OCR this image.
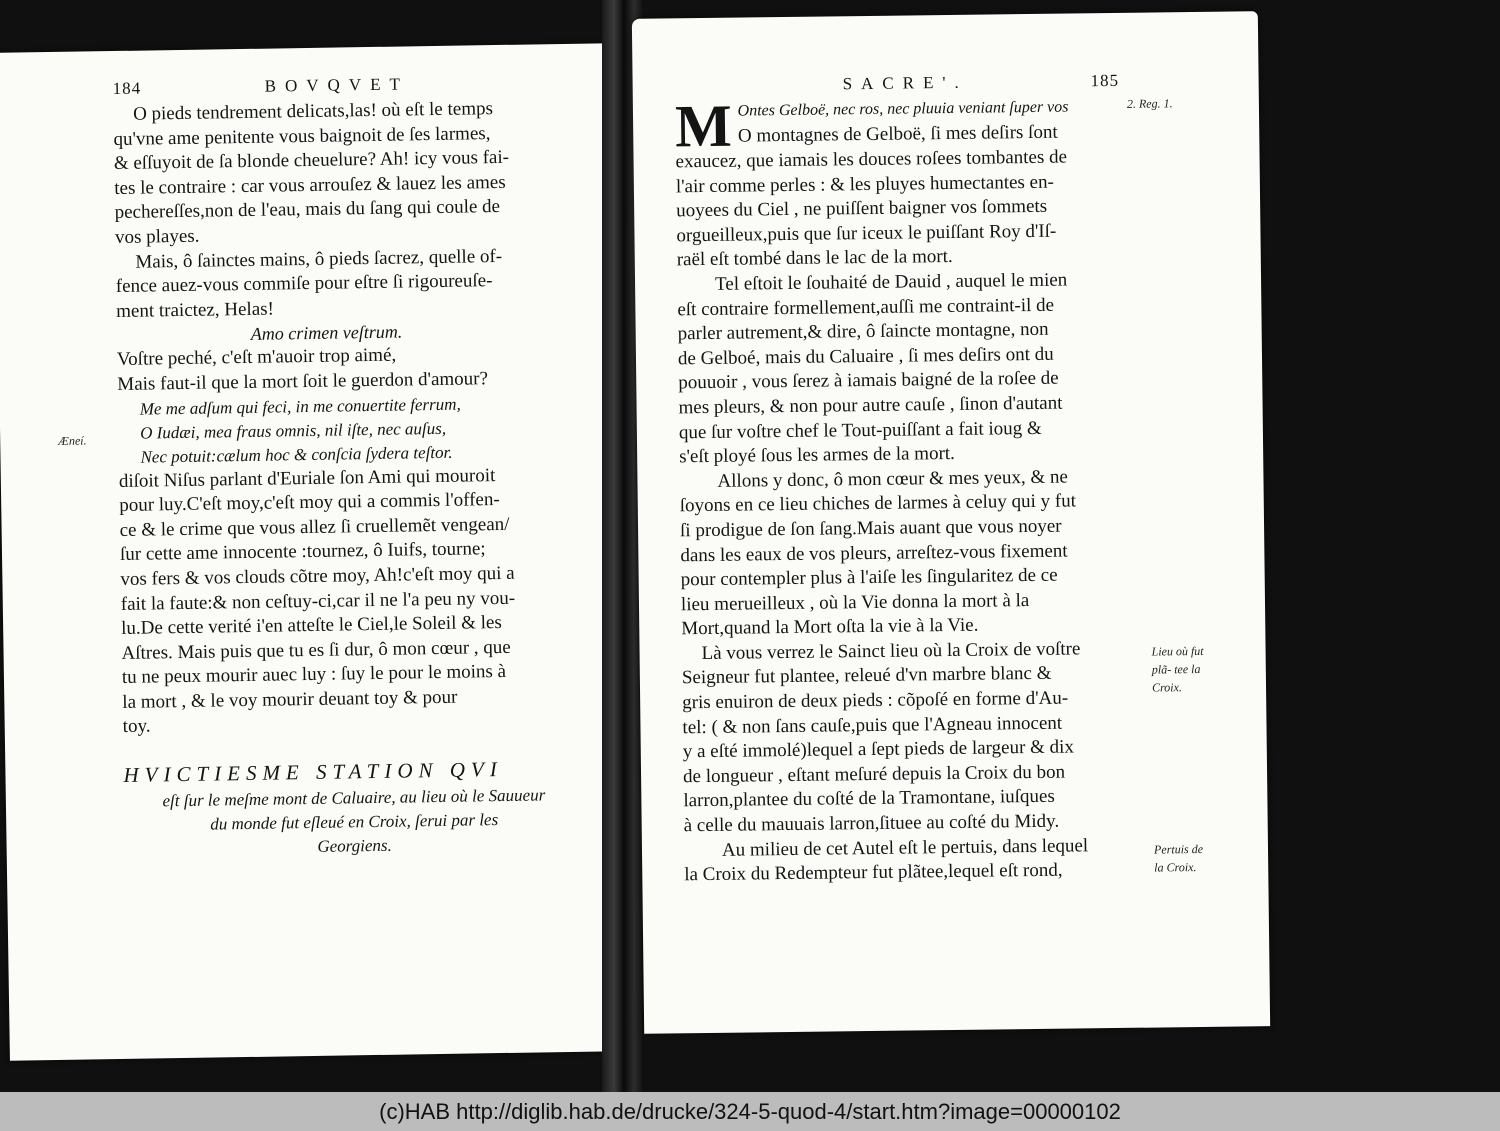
184	BOVQVET
O pieds tendrement delicats,las! où eſt le temps
qu'vne ame penitente vous baignoit de ſes larmes,
& eſſuyoit de ſa blonde cheuelure? Ah! icy vous fai-
tes le contraire : car vous arrouſez & lauez les ames
pechereſſes,non de l'eau, mais du ſang qui coule de
vos playes.
Mais, ô ſainctes mains, ô pieds ſacrez, quelle of-
fence auez-vous commiſe pour eſtre ſi rigoureuſe-
ment traictez, Helas!
Amo crimen veſtrum.
Voſtre peché, c'eſt m'auoir trop aimé,
Mais faut-il que la mort ſoit le guerdon d'amour?
Me me adſum qui feci, in me conuertite ferrum,
O Iudæi, mea fraus omnis, nil iſte, nec auſus,
Nec potuit:cælum hoc & conſcia ſydera teſtor.
diſoit Niſus parlant d'Euriale ſon Ami qui mouroit
pour luy.C'eſt moy,c'eſt moy qui a commis l'offen-
ce & le crime que vous allez ſi cruellemẽt vengean/
ſur cette ame innocente :tournez, ô Iuifs, tourne;
vos fers & vos clouds cõtre moy, Ah!c'eſt moy qui a
fait la faute:& non ceſtuy-ci,car il ne l'a peu ny vou-
lu.De cette verité i'en atteſte le Ciel,le Soleil & les
Aſtres. Mais puis que tu es ſi dur, ô mon cœur , que
tu ne peux mourir auec luy : ſuy le pour le moins à
la mort , & le voy mourir deuant toy & pour
toy.
HVICTIESME STATION QVI
eſt ſur le meſme mont de Caluaire, au lieu où le Sauueur
du monde fut eſleué en Croix, ſerui par les
Georgiens.
Æneí.
SACRE'.	185
M Ontes Gelboë, nec ros, nec pluuia veniant ſuper vos
O montagnes de Gelboë, ſi mes deſirs ſont
exaucez, que iamais les douces roſees tombantes de
l'air comme perles : & les pluyes humectantes en-
uoyees du Ciel , ne puiſſent baigner vos ſommets
orgueilleux,puis que ſur iceux le puiſſant Roy d'Iſ-
raël eſt tombé dans le lac de la mort.
Tel eſtoit le ſouhaité de Dauid , auquel le mien
eſt contraire formellement,auſſi me contraint-il de
parler autrement,& dire, ô ſaincte montagne, non
de Gelboé, mais du Caluaire , ſi mes deſirs ont du
pouuoir , vous ſerez à iamais baigné de la roſee de
mes pleurs, & non pour autre cauſe , ſinon d'autant
que ſur voſtre chef le Tout-puiſſant a fait ioug &
s'eſt ployé ſous les armes de la mort.
Allons y donc, ô mon cœur & mes yeux, & ne
ſoyons en ce lieu chiches de larmes à celuy qui y fut
ſi prodigue de ſon ſang.Mais auant que vous noyer
dans les eaux de vos pleurs, arreſtez-vous fixement
pour contempler plus à l'aiſe les ſingularitez de ce
lieu merueilleux , où la Vie donna la mort à la
Mort,quand la Mort oſta la vie à la Vie.
Là vous verrez le Sainct lieu où la Croix de voſtre
Seigneur fut plantee, releué d'vn marbre blanc &
gris enuiron de deux pieds : cõpoſé en forme d'Au-
tel: ( & non ſans cauſe,puis que l'Agneau innocent
y a eſté immolé)lequel a ſept pieds de largeur & dix
de longueur , eſtant meſuré depuis la Croix du bon
larron,plantee du coſté de la Tramontane, iuſques
à celle du mauuais larron,ſituee au coſté du Midy.
Au milieu de cet Autel eſt le pertuis, dans lequel
la Croix du Redempteur fut plãtee,lequel eſt rond,
2. Reg. 1.
Lieu où fut plã- tee la Croix.
Pertuis de la Croix.
(c)HAB http://diglib.hab.de/drucke/324-5-quod-4/start.htm?image=00000102
